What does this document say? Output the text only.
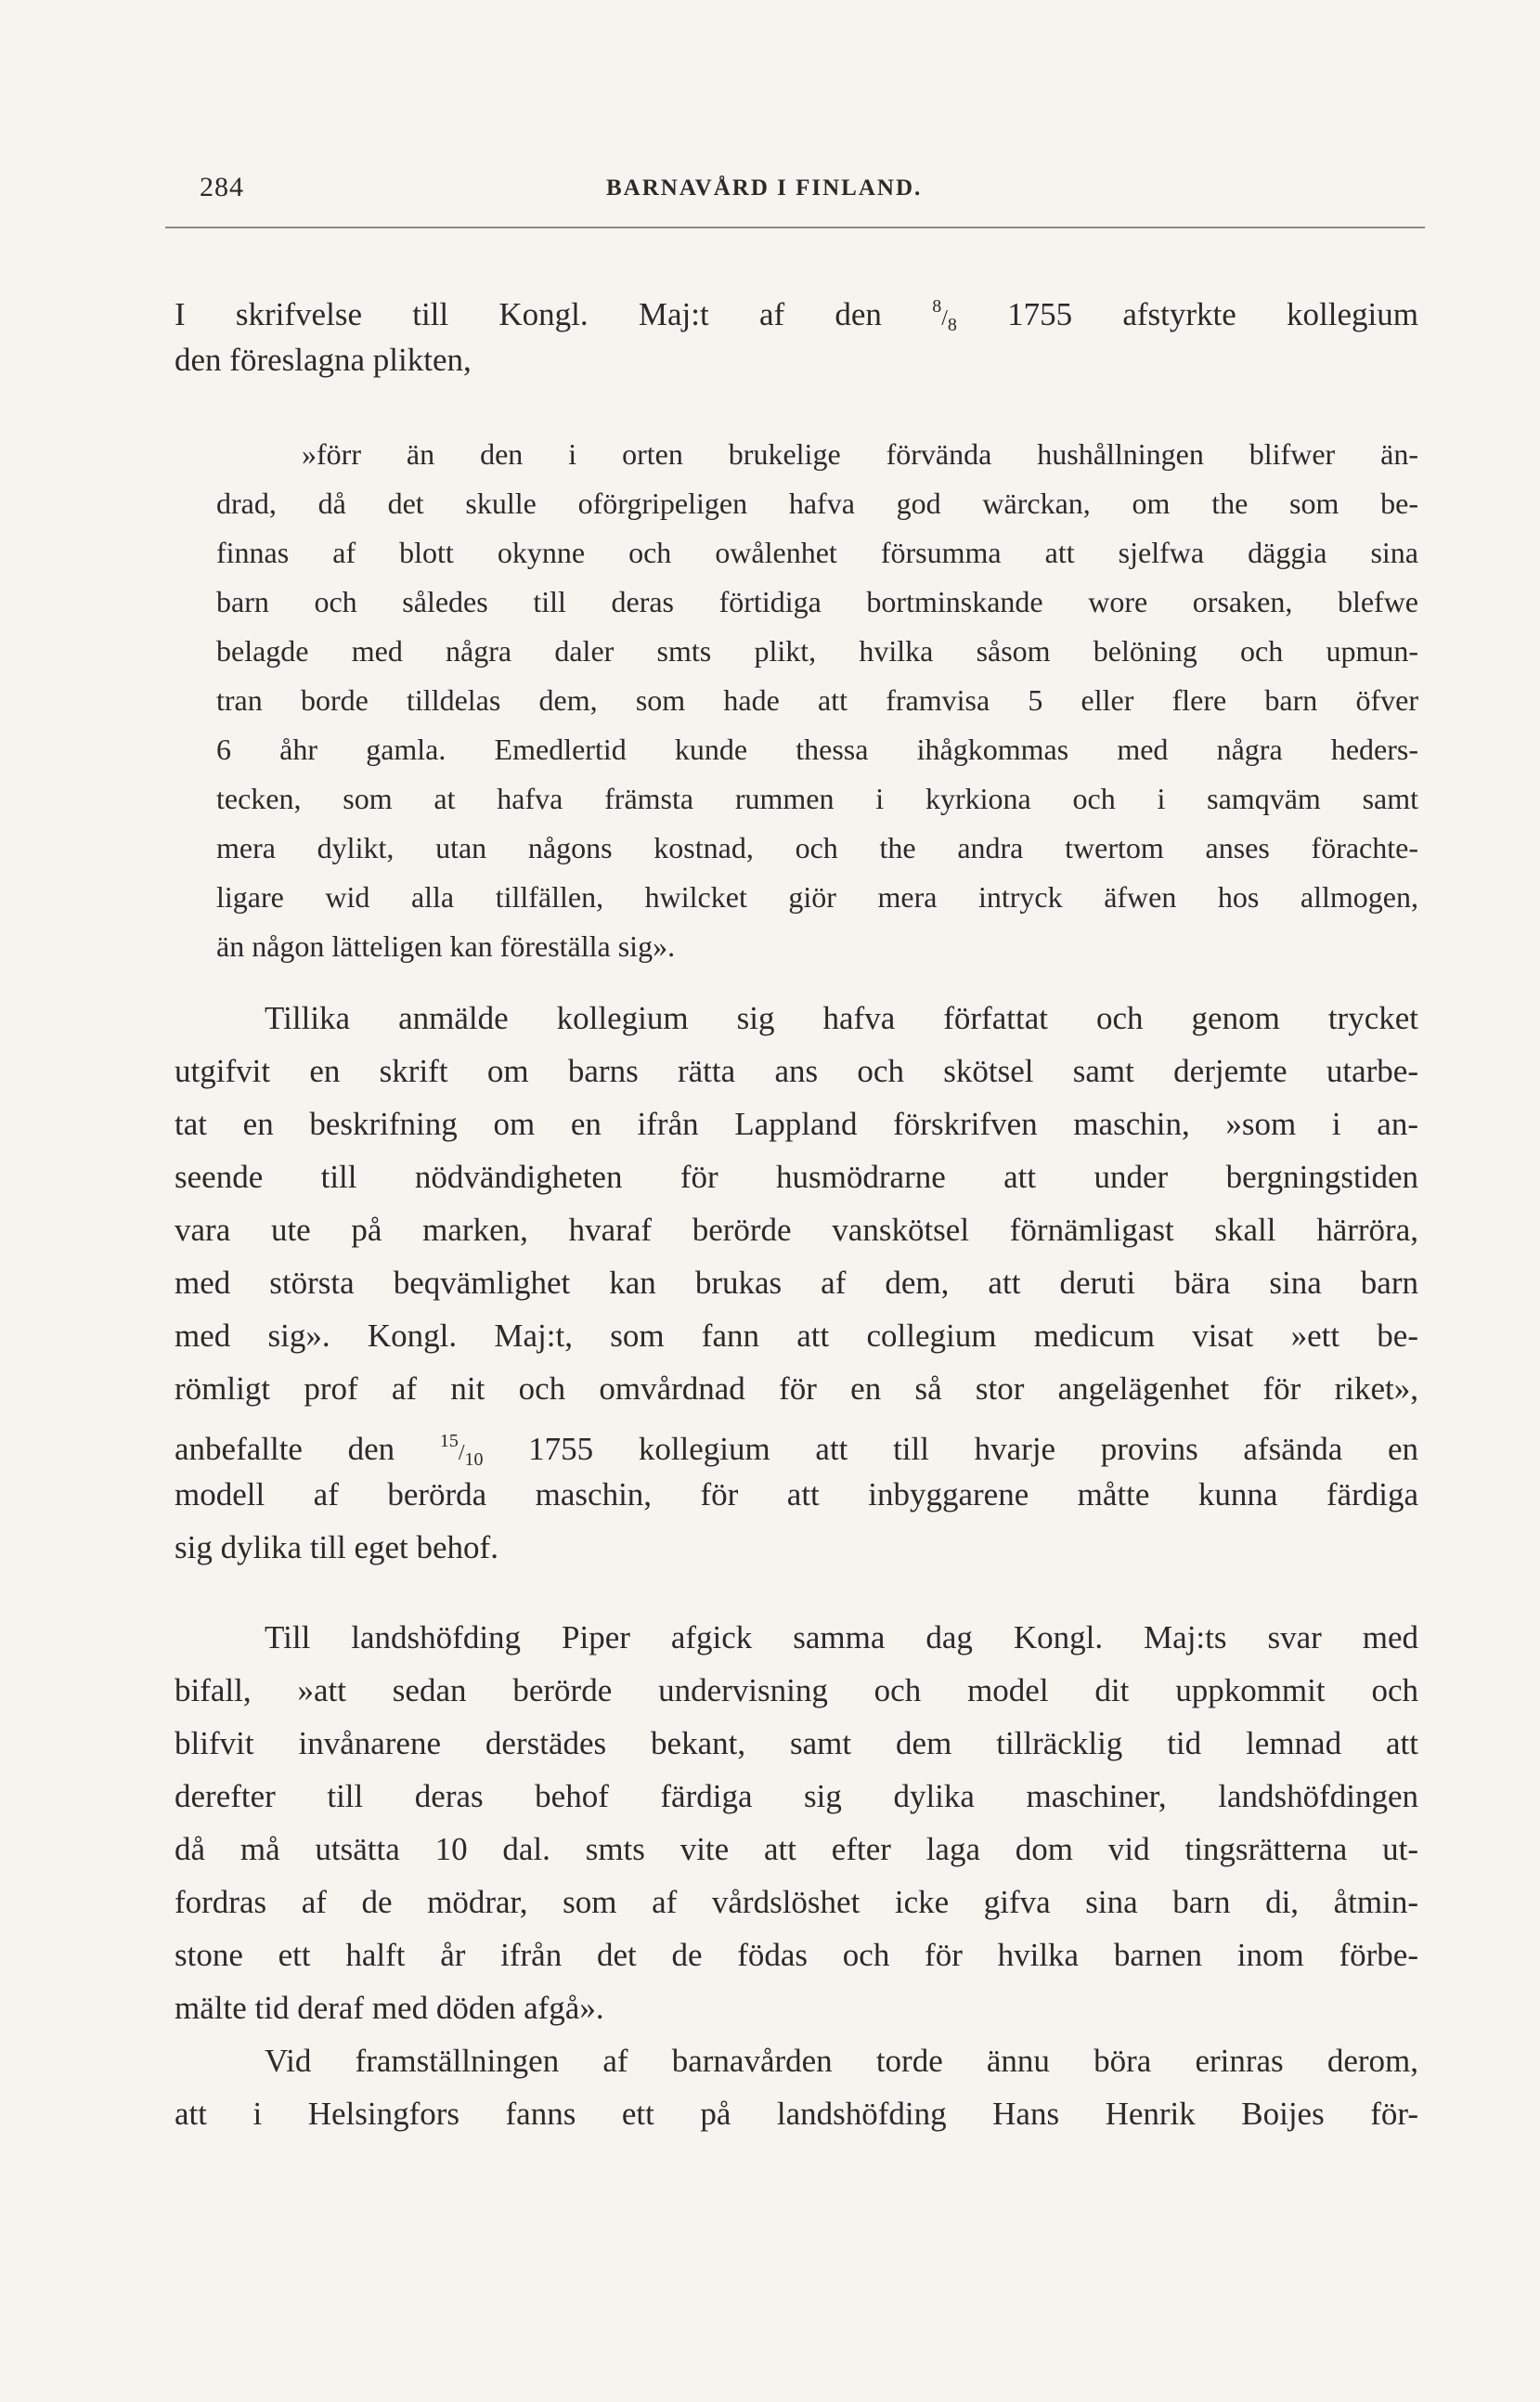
284	BARNAVÅRD I FINLAND.
I skrifvelse till Kongl. Maj:t af den $^8/_8$ 1755 afstyrkte kollegium
den föreslagna plikten,
»förr än den i orten brukelige förvända hushållningen blifwer än-
drad, då det skulle oförgripeligen hafva god wärckan, om the som be-
finnas af blott okynne och owålenhet försumma att sjelfwa däggia sina
barn och således till deras förtidiga bortminskande wore orsaken, blefwe
belagde med några daler smts plikt, hvilka såsom belöning och upmun-
tran borde tilldelas dem, som hade att framvisa 5 eller flere barn öfver
6 åhr gamla. Emedlertid kunde thessa ihågkommas med några heders-
tecken, som at hafva främsta rummen i kyrkiona och i samqväm samt
mera dylikt, utan någons kostnad, och the andra twertom anses förachte-
ligare wid alla tillfällen, hwilcket giör mera intryck äfwen hos allmogen,
än någon lätteligen kan föreställa sig».
Tillika anmälde kollegium sig hafva författat och genom trycket
utgifvit en skrift om barns rätta ans och skötsel samt derjemte utarbe-
tat en beskrifning om en ifrån Lappland förskrifven maschin, »som i an-
seende till nödvändigheten för husmödrarne att under bergningstiden
vara ute på marken, hvaraf berörde vanskötsel förnämligast skall härröra,
med största beqvämlighet kan brukas af dem, att deruti bära sina barn
med sig». Kongl. Maj:t, som fann att collegium medicum visat »ett be-
römligt prof af nit och omvårdnad för en så stor angelägenhet för riket»,
anbefallte den $^{15}/_{10}$ 1755 kollegium att till hvarje provins afsända en
modell af berörda maschin, för att inbyggarene måtte kunna färdiga
sig dylika till eget behof.
Till landshöfding Piper afgick samma dag Kongl. Maj:ts svar med
bifall, »att sedan berörde undervisning och model dit uppkommit och
blifvit invånarene derstädes bekant, samt dem tillräcklig tid lemnad att
derefter till deras behof färdiga sig dylika maschiner, landshöfdingen
då må utsätta 10 dal. smts vite att efter laga dom vid tingsrätterna ut-
fordras af de mödrar, som af vårdslöshet icke gifva sina barn di, åtmin-
stone ett halft år ifrån det de födas och för hvilka barnen inom förbe-
mälte tid deraf med döden afgå».
Vid framställningen af barnavården torde ännu böra erinras derom,
att i Helsingfors fanns ett på landshöfding Hans Henrik Boijes för-
